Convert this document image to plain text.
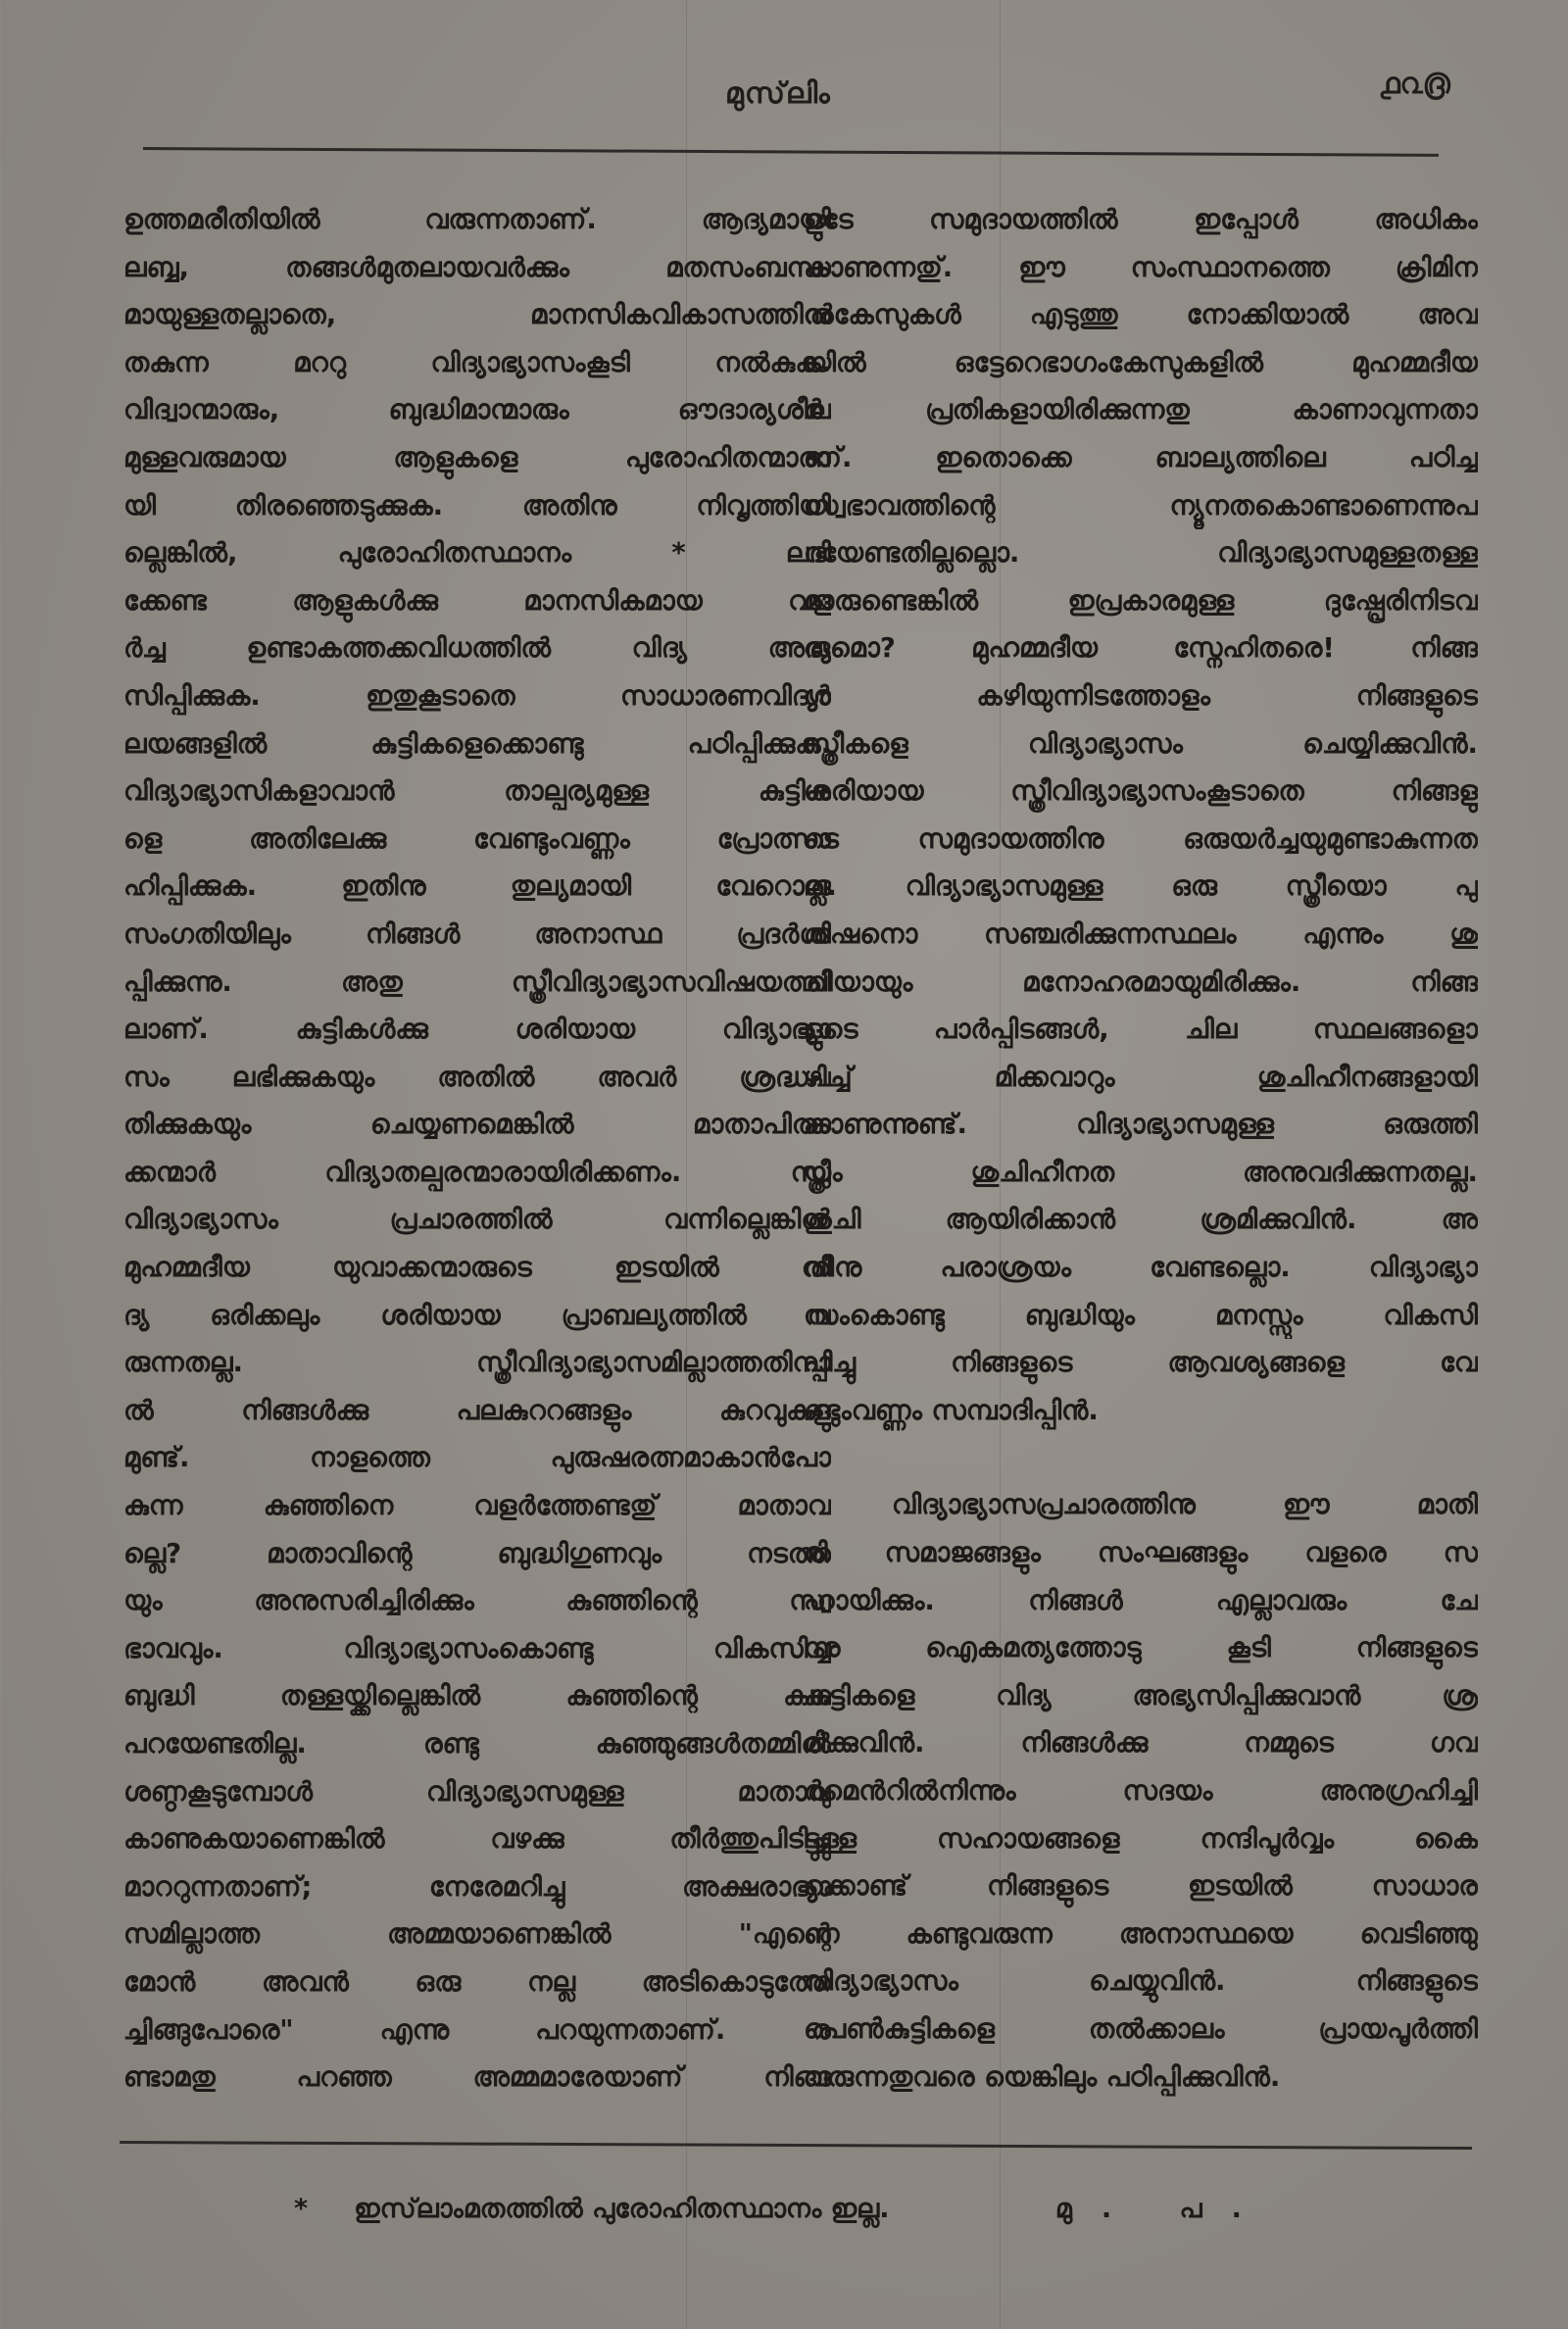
മുസ്‌ലിം	൧൨൫
ഉത്തമരീതിയിൽ വരുന്നതാണ്. ആദ്യമായി
ലബ്ബ, തങ്ങൾമുതലായവർക്കും മതസംബന്ധ
മായുള്ളതല്ലാതെ, മാനസികവികാസത്തിനു
തകുന്ന മററു വിദ്യാഭ്യാസംകൂടി നൽകുക.
വിദ്വാന്മാരും, ബുദ്ധിമാന്മാരും ഔദാര്യശീല
മുള്ളവരുമായ ആളുകളെ പുരോഹിതന്മാരാ
യി തിരഞ്ഞെടുക്കുക. അതിനു നിവൃത്തിയി
ല്ലെങ്കിൽ, പുരോഹിതസ്ഥാനം * ലഭി
ക്കേണ്ട ആളുകൾക്കു മാനസികമായ വള
ർച്ച ഉണ്ടാകത്തക്കവിധത്തിൽ വിദ്യ അഭ്യ
സിപ്പിക്കുക. ഇതുകൂടാതെ സാധാരണവിദ്യാ
ലയങ്ങളിൽ കുട്ടികളെക്കൊണ്ടു പഠിപ്പിക്കുക.
വിദ്യാഭ്യാസികളാവാൻ താല്പര്യമുള്ള കുട്ടിക
ളെ അതിലേക്കു വേണ്ടുംവണ്ണം പ്രോത്സാ
ഹിപ്പിക്കുക. ഇതിനു തുല്യമായി വേറൊരു
സംഗതിയിലും നിങ്ങൾ അനാസ്ഥ പ്രദർശി
പ്പിക്കുന്നു. അതു സ്ത്രീവിദ്യാഭ്യാസവിഷയത്തി
ലാണ്. കുട്ടികൾക്കു ശരിയായ വിദ്യാഭ്യാ
സം ലഭിക്കുകയും അതിൽ അവർ ശ്രദ്ധപ
തിക്കുകയും ചെയ്യണമെങ്കിൽ മാതാപിതാ
ക്കന്മാർ വിദ്യാതല്പരന്മാരായിരിക്കണം. സ്ത്രീ
വിദ്യാഭ്യാസം പ്രചാരത്തിൽ വന്നില്ലെങ്കിൽ
മുഹമ്മദീയ യുവാക്കന്മാരുടെ ഇടയിൽ വി
ദ്യ ഒരിക്കലും ശരിയായ പ്രാബല്യത്തിൽ വ
രുന്നതല്ല. സ്ത്രീവിദ്യാഭ്യാസമില്ലാത്തതിനാ
ൽ നിങ്ങൾക്കു പലകുററങ്ങളും കുറവുകളു
മുണ്ട്. നാളത്തെ പുരുഷരത്നമാകാൻപോ
കുന്ന കുഞ്ഞിനെ വളർത്തേണ്ടതു് മാതാവ
ല്ലെ? മാതാവിന്റെ ബുദ്ധിഗുണവും നടത്ത
യും അനുസരിച്ചിരിക്കും കുഞ്ഞിന്റെ സ്വ
ഭാവവും. വിദ്യാഭ്യാസംകൊണ്ടു വികസിച്ച
ബുദ്ധി തള്ളയ്ക്കില്ലെങ്കിൽ കുഞ്ഞിന്റെ കഥ
പറയേണ്ടതില്ല. രണ്ടു കുഞ്ഞുങ്ങൾതമ്മിൽ
ശണ്ഠകൂടുമ്പോൾ വിദ്യാഭ്യാസമുള്ള മാതാവു
കാണുകയാണെങ്കിൽ വഴക്കു തീർത്തുപിടിച്ചു
മാററുന്നതാണ്; നേരേമറിച്ചു അക്ഷരാഭ്യാ
സമില്ലാത്ത അമ്മയാണെങ്കിൽ "എന്റെ
മോൻ അവൻ ഒരു നല്ല അടികൊടുത്തേ
ച്ചിങ്ങുപോരെ" എന്നു പറയുന്നതാണ്. ര
ണ്ടാമതു പറഞ്ഞ അമ്മമാരേയാണ് നിങ്ങ
ളുടേ സമുദായത്തിൽ ഇപ്പോൾ അധികം
കാണുന്നതു്. ഈ സംസ്ഥാനത്തെ ക്രിമിന
ൽകേസുകൾ എടുത്തു നോക്കിയാൽ അവ
യിൽ ഒട്ടേറെഭാഗംകേസുകളിൽ മുഹമ്മദീയ
ർ പ്രതികളായിരിക്കുന്നതു കാണാവുന്നതാ
ണ്. ഇതൊക്കെ ബാല്യത്തിലെ പഠിച്ച
സ്വഭാവത്തിന്റെ ന്യൂനതകൊണ്ടാണെന്നുപ
റയേണ്ടതില്ലല്ലൊ. വിദ്യാഭ്യാസമുള്ളതള്ള
മാരുണ്ടെങ്കിൽ ഇപ്രകാരമുള്ള ദുഷ്പ്രേരിനിടവ
രുമൊ? മുഹമ്മദീയ സ്നേഹിതരെ! നിങ്ങ
ൾ കഴിയുന്നിടത്തോളം നിങ്ങളുടെ
സ്ത്രീകളെ വിദ്യാഭ്യാസം ചെയ്യിക്കുവിൻ.
ശരിയായ സ്ത്രീവിദ്യാഭ്യാസംകൂടാതെ നിങ്ങളു
ടെ സമുദായത്തിനു ഒരുയർച്ചയുമുണ്ടാകുന്നത
ല്ല. വിദ്യാഭ്യാസമുള്ള ഒരു സ്ത്രീയൊ പു
രുഷനൊ സഞ്ചരിക്കുന്നസ്ഥലം എന്നും ശു
ചിയായും മനോഹരമായുമിരിക്കും. നിങ്ങ
ളുടെ പാർപ്പിടങ്ങൾ, ചില സ്ഥലങ്ങളൊ
ഴിച്ച് മിക്കവാറും ശുചിഹീനങ്ങളായി
കാണുന്നുണ്ട്. വിദ്യാഭ്യാസമുള്ള ഒരുത്തി
യും ശുചിഹീനത അനുവദിക്കുന്നതല്ല.
ശുചി ആയിരിക്കാൻ ശ്രമിക്കുവിൻ. അ
തിനു പരാശ്രയം വേണ്ടല്ലൊ. വിദ്യാഭ്യാ
സംകൊണ്ടു ബുദ്ധിയും മനസ്സും വികസി
പ്പിച്ചു നിങ്ങളുടെ ആവശ്യങ്ങളെ വേ
ണ്ടുംവണ്ണം സമ്പാദിപ്പിൻ.
വിദ്യാഭ്യാസപ്രചാരത്തിനു ഈ മാതി
രി സമാജങ്ങളും സംഘങ്ങളും വളരെ സ
ഹായിക്കും. നിങ്ങൾ എല്ലാവരും ചേ
ന്നു ഐകമത്യത്തോടു കൂടി നിങ്ങളുടെ
കുട്ടികളെ വിദ്യ അഭ്യസിപ്പിക്കുവാൻ ശ്ര
മിക്കുവിൻ. നിങ്ങൾക്കു നമ്മുടെ ഗവ
ർമെൻറിൽനിന്നും സദയം അനുഗ്രഹിച്ചി
ട്ടുള്ള സഹായങ്ങളെ നന്ദിപൂർവ്വം കൈ
ക്കൊണ്ട് നിങ്ങളുടെ ഇടയിൽ സാധാര
ണ കണ്ടുവരുന്ന അനാസ്ഥയെ വെടിഞ്ഞു
വിദ്യാഭ്യാസം ചെയ്യുവിൻ. നിങ്ങളുടെ
പെൺകുട്ടികളെ തൽക്കാലം പ്രായപൂർത്തി
വരുന്നതുവരെ യെങ്കിലും പഠിപ്പിക്കുവിൻ.
* ഇസ്‌ലാംമതത്തിൽ പുരോഹിതസ്ഥാനം ഇല്ല.	മു. പ.
